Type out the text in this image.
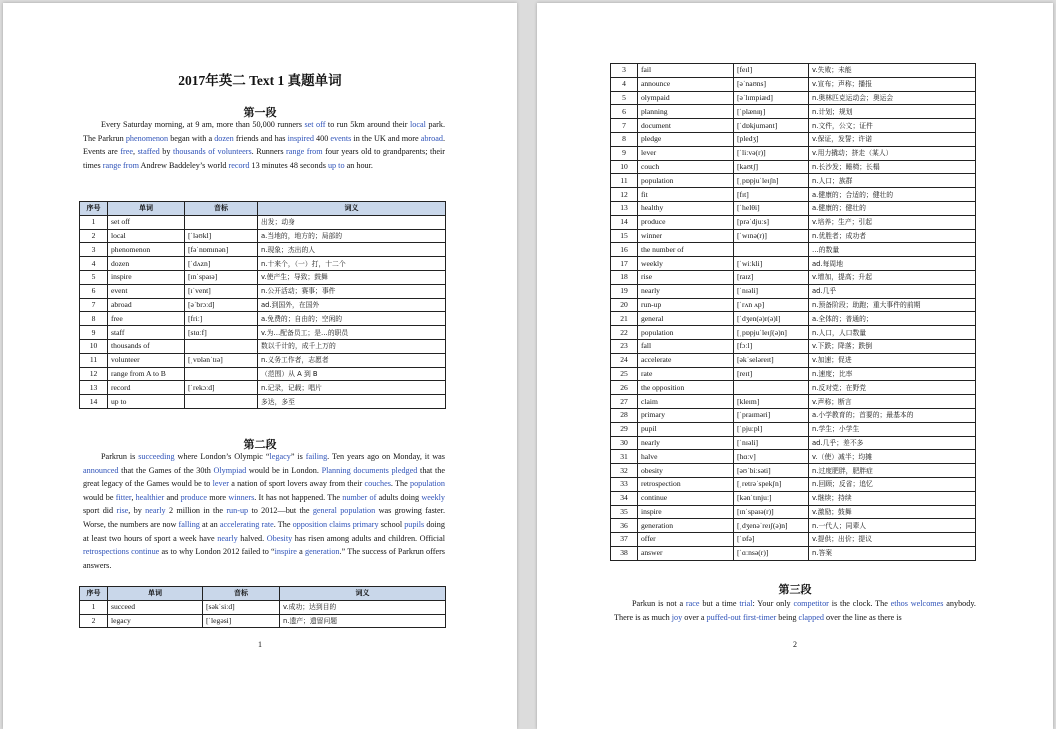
2017年英二 Text 1 真题单词
第一段

Every Saturday morning, at 9 am, more than 50,000 runners set off to run 5km around their local park. The Parkrun phenomenon began with a dozen friends and has inspired 400 events in the UK and more abroad. Events are free, staffed by thousands of volunteers. Runners range from four years old to grandparents; their times range from Andrew Baddeley’s world record 13 minutes 48 seconds up to an hour.

序号	单词	音标	词义
1	set off		出发；动身
2	local	[ˈləʊkl]	a.当地的，地方的；局部的
3	phenomenon	[fəˈnɒmɪnən]	n.现象；杰出的人
4	dozen	[ˈdʌzn]	n.十来个，（一）打，十二个
5	inspire	[ɪnˈspaɪə]	v.使产生；导致；鼓舞
6	event	[ɪˈvent]	n.公开活动；赛事；事件
7	abroad	[əˈbrɔːd]	ad.到国外，在国外
8	free	[friː]	a.免费的；自由的；空闲的
9	staff	[stɑːf]	v.为…配备员工；是…的职员
10	thousands of		数以千计的，成千上万的
11	volunteer	[ˌvɒlənˈtɪə]	n.义务工作者，志愿者
12	range from A to B		（范围）从 A 到 B
13	record	[ˈrekɔːd]	n.记录，记载；唱片
14	up to		多达，多至
第二段

Parkrun is succeeding where London’s Olympic “legacy” is failing. Ten years ago on Monday, it was announced that the Games of the 30th Olympiad would be in London. Planning documents pledged that the great legacy of the Games would be to lever a nation of sport lovers away from their couches. The population would be fitter, healthier and produce more winners. It has not happened. The number of adults doing weekly sport did rise, by nearly 2 million in the run-up to 2012—but the general population was growing faster. Worse, the numbers are now falling at an accelerating rate. The opposition claims primary school pupils doing at least two hours of sport a week have nearly halved. Obesity has risen among adults and children. Official retrospections continue as to why London 2012 failed to “inspire a generation.” The success of Parkrun offers answers.

序号	单词	音标	词义
1	succeed	[səkˈsiːd]	v.成功；达到目的
2	legacy	[ˈlegəsi]	n.遗产；遗留问题
1
3	fail	[feɪl]	v.失败；未能
4	announce	[əˈnaʊns]	v.宣布；声称；播报
5	olympaid	[əˈlɪmpiæd]	n.奥林匹克运动会；奥运会
6	planning	[ˈplænɪŋ]	n.计划；规划
7	document	[ˈdɒkjumənt]	n.文件，公文；证件
8	pledge	[pledʒ]	v.保证，发誓；许诺
9	lever	[ˈliːvə(r)]	v.用力撬动；挤走（某人）
10	couch	[kaʊtʃ]	n.长沙发；睡椅；长榻
11	population	[ˌpɒpjuˈleɪʃn]	n.人口；族群
12	fit	[fɪt]	a.健康的；合适的；健壮的
13	healthy	[ˈhelθi]	a.健康的；健壮的
14	produce	[prəˈdjuːs]	v.培养；生产；引起
15	winner	[ˈwɪnə(r)]	n.优胜者；成功者
16	the number of		…的数量
17	weekly	[ˈwiːkli]	ad.每周地
18	rise	[raɪz]	v.增加，提高；升起
19	nearly	[ˈnɪəli]	ad.几乎
20	run-up	[ˈrʌn ʌp]	n.预备阶段；助跑；重大事件的前期
21	general	[ˈdʒen(ə)r(ə)l]	a.全体的；普通的；
22	population	[ˌpɒpjuˈleɪʃ(ə)n]	n.人口，人口数量
23	fall	[fɔːl]	v.下跌；降落；跌倒
24	accelerate	[əkˈseləreɪt]	v.加速；促进
25	rate	[reɪt]	n.速度；比率
26	the opposition		n.反对党；在野党
27	claim	[kleɪm]	v.声称；断言
28	primary	[ˈpraɪməri]	a.小学教育的；首要的；最基本的
29	pupil	[ˈpjuːpl]	n.学生；小学生
30	nearly	[ˈnɪəli]	ad.几乎；差不多
31	halve	[hɑːv]	v.（使）减半；均摊
32	obesity	[əʊˈbiːsəti]	n.过度肥胖，肥胖症
33	retrospection	[ˌretrəˈspekʃn]	n.回顾；反省；追忆
34	continue	[kənˈtɪnjuː]	v.继续；持续
35	inspire	[ɪnˈspaɪə(r)]	v.激励；鼓舞
36	generation	[ˌdʒenəˈreɪʃ(ə)n]	n.一代人；同辈人
37	offer	[ˈɒfə]	v.提供；出价；提议
38	answer	[ˈɑːnsə(r)]	n.答案
第三段

Parkun is not a race but a time trial: Your only competitor is the clock. The ethos welcomes anybody. There is as much joy over a puffed-out first-timer being clapped over the line as there is

2
